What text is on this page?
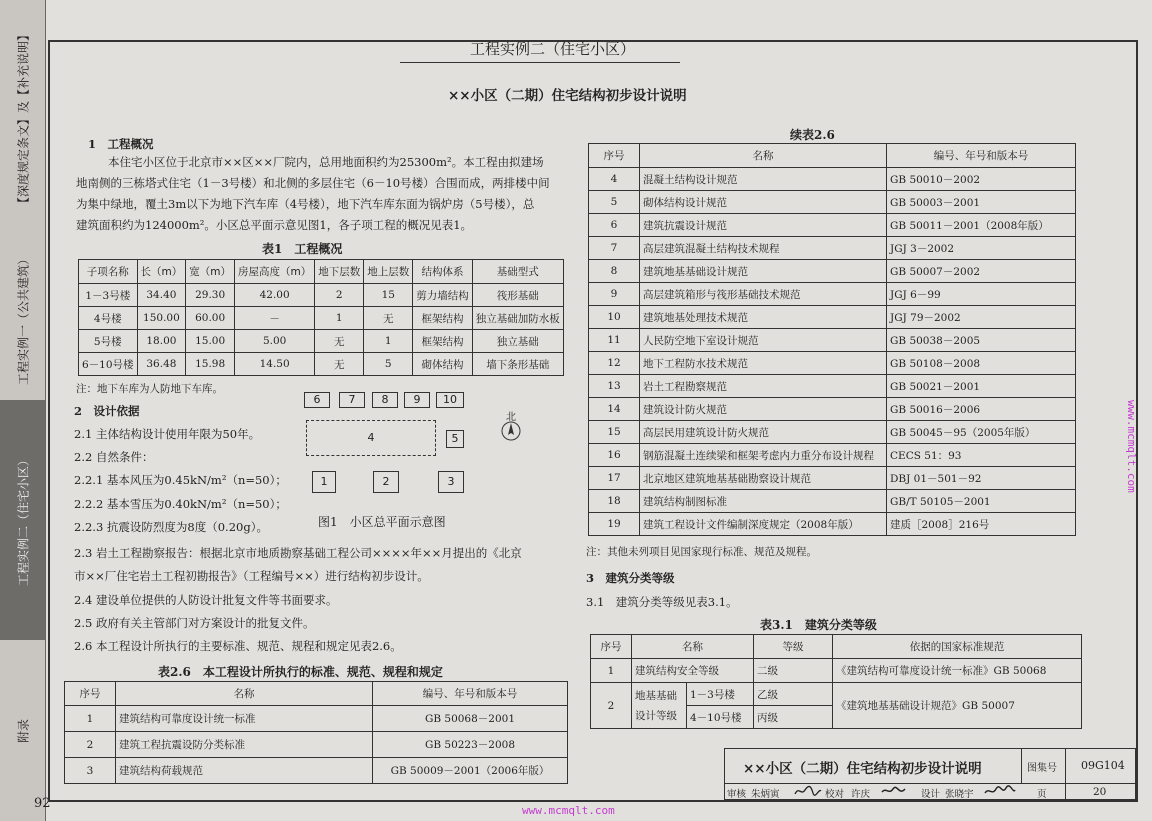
【深度规定条文】及【补充说明】
工程实例一（公共建筑）
工程实例二（住宅小区）
附录
92
工程实例二（住宅小区）
××小区（二期）住宅结构初步设计说明
1　工程概况
本住宅小区位于北京市××区××厂院内，总用地面积约为25300m²。本工程由拟建场
地南侧的三栋塔式住宅（1－3号楼）和北侧的多层住宅（6－10号楼）合围而成，两排楼中间
为集中绿地，覆土3m以下为地下汽车库（4号楼），地下汽车库东面为锅炉房（5号楼），总
建筑面积约为124000m²。小区总平面示意见图1，各子项工程的概况见表1。
表1　工程概况
子项名称	长（m）	宽（m）	房屋高度（m）	地下层数	地上层数	结构体系	基础型式
1－3号楼	34.40	29.30	42.00	2	15	剪力墙结构	筏形基础
4号楼	150.00	60.00	－	1	无	框架结构	独立基础加防水板
5号楼	18.00	15.00	5.00	无	1	框架结构	独立基础
6－10号楼	36.48	15.98	14.50	无	5	砌体结构	墙下条形基础
注：地下车库为人防地下车库。
2　设计依据
2.1 主体结构设计使用年限为50年。
2.2 自然条件：
2.2.1 基本风压为0.45kN/m²（n=50）；
2.2.2 基本雪压为0.40kN/m²（n=50）；
2.2.3 抗震设防烈度为8度（0.20g）。
2.3 岩土工程勘察报告：根据北京市地质勘察基础工程公司××××年××月提出的《北京
市××厂住宅岩土工程初勘报告》（工程编号××）进行结构初步设计。
2.4 建设单位提供的人防设计批复文件等书面要求。
2.5 政府有关主管部门对方案设计的批复文件。
2.6 本工程设计所执行的主要标准、规范、规程和规定见表2.6。
6	7	8	9	10
4	5
1	2	3
北
图1　小区总平面示意图
表2.6　本工程设计所执行的标准、规范、规程和规定
序号	名称	编号、年号和版本号
1	建筑结构可靠度设计统一标准	GB 50068－2001
2	建筑工程抗震设防分类标准	GB 50223－2008
3	建筑结构荷载规范	GB 50009－2001（2006年版）
续表2.6
序号	名称	编号、年号和版本号
4	混凝土结构设计规范	GB 50010－2002
5	砌体结构设计规范	GB 50003－2001
6	建筑抗震设计规范	GB 50011－2001（2008年版）
7	高层建筑混凝土结构技术规程	JGJ 3－2002
8	建筑地基基础设计规范	GB 50007－2002
9	高层建筑箱形与筏形基础技术规范	JGJ 6－99
10	建筑地基处理技术规范	JGJ 79－2002
11	人民防空地下室设计规范	GB 50038－2005
12	地下工程防水技术规范	GB 50108－2008
13	岩土工程勘察规范	GB 50021－2001
14	建筑设计防火规范	GB 50016－2006
15	高层民用建筑设计防火规范	GB 50045－95（2005年版）
16	钢筋混凝土连续梁和框架考虑内力重分布设计规程	CECS 51：93
17	北京地区建筑地基基础勘察设计规范	DBJ 01－501－92
18	建筑结构制图标准	GB/T 50105－2001
19	建筑工程设计文件编制深度规定（2008年版）	建质［2008］216号
注：其他未列项目见国家现行标准、规范及规程。
3　建筑分类等级
3.1　建筑分类等级见表3.1。
表3.1　建筑分类等级
序号	名称		等级	依据的国家标准规范
1	建筑结构安全等级		二级	《建筑结构可靠度设计统一标准》GB 50068
2	地基基础设计等级	1－3号楼	乙级	《建筑地基基础设计规范》GB 50007
		4－10号楼	丙级	
××小区（二期）住宅结构初步设计说明	图集号 09G104
审核 朱炳寅	校对 许庆	设计 张晓宇	页	20
www.mcmqlt.com
www.mcmqlt.com
